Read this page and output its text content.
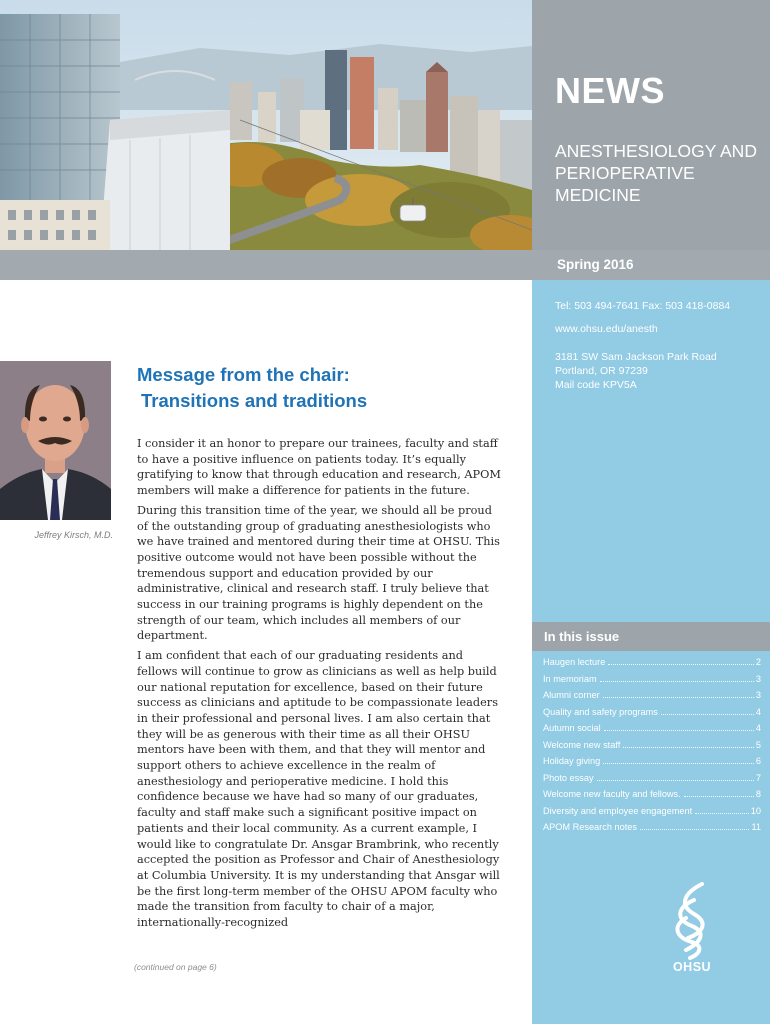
NEWS
ANESTHESIOLOGY AND PERIOPERATIVE MEDICINE
Spring 2016
Tel: 503 494-7641 Fax: 503 418-0884
www.ohsu.edu/anesth
3181 SW Sam Jackson Park Road
Portland, OR 97239
Mail code KPV5A
In this issue
Haugen lecture	2
In memoriam	3
Alumni corner	3
Quality and safety programs	4
Autumn social	4
Welcome new staff	5
Holiday giving	6
Photo essay	7
Welcome new faculty and fellows.	8
Diversity and employee engagement	10
APOM Research notes	11
OHSU
Jeffrey Kirsch, M.D.
Message from the chair:
Transitions and traditions

I consider it an honor to prepare our trainees, faculty and staff to have a positive influence on patients today. It’s equally gratifying to know that through education and research, APOM members will make a difference for patients in the future.

During this transition time of the year, we should all be proud of the outstanding group of graduating anesthesiologists who we have trained and mentored during their time at OHSU. This positive outcome would not have been possible without the tremendous support and education provided by our administrative, clinical and research staff. I truly believe that success in our training programs is highly dependent on the strength of our team, which includes all members of our department.

I am confident that each of our graduating residents and fellows will continue to grow as clinicians as well as help build our national reputation for excellence, based on their future success as clinicians and aptitude to be compassionate leaders in their professional and personal lives. I am also certain that they will be as generous with their time as all their OHSU mentors have been with them, and that they will mentor and support others to achieve excellence in the realm of anesthesiology and perioperative medicine. I hold this confidence because we have had so many of our graduates, faculty and staff make such a significant positive impact on patients and their local community. As a current example, I would like to congratulate Dr. Ansgar Brambrink, who recently accepted the position as Professor and Chair of Anesthesiology at Columbia University. It is my understanding that Ansgar will be the first long-term member of the OHSU APOM faculty who made the transition from faculty to chair of a major, internationally-recognized

(continued on page 6)
